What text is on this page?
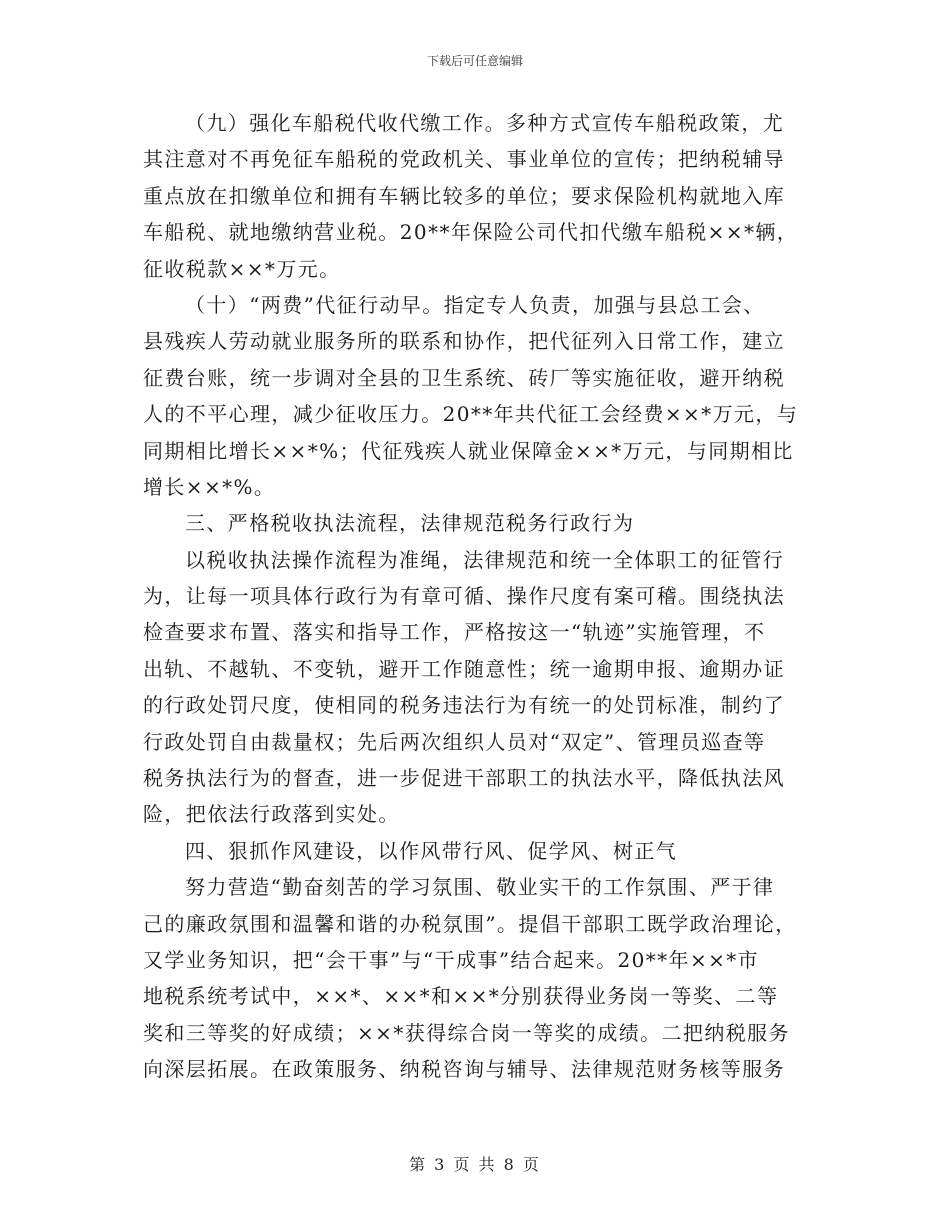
下载后可任意编辑
（九）强化车船税代收代缴工作。多种方式宣传车船税政策，尤
其注意对不再免征车船税的党政机关、事业单位的宣传；把纳税辅导
重点放在扣缴单位和拥有车辆比较多的单位；要求保险机构就地入库
车船税、就地缴纳营业税。20**年保险公司代扣代缴车船税××*辆，
征收税款××*万元。
（十）“两费”代征行动早。指定专人负责，加强与县总工会、
县残疾人劳动就业服务所的联系和协作，把代征列入日常工作，建立
征费台账，统一步调对全县的卫生系统、砖厂等实施征收，避开纳税
人的不平心理，减少征收压力。20**年共代征工会经费××*万元，与
同期相比增长××*%；代征残疾人就业保障金××*万元，与同期相比
增长××*%。
三、严格税收执法流程，法律规范税务行政行为
以税收执法操作流程为准绳，法律规范和统一全体职工的征管行
为，让每一项具体行政行为有章可循、操作尺度有案可稽。围绕执法
检查要求布置、落实和指导工作，严格按这一“轨迹”实施管理，不
出轨、不越轨、不变轨，避开工作随意性；统一逾期申报、逾期办证
的行政处罚尺度，使相同的税务违法行为有统一的处罚标准，制约了
行政处罚自由裁量权；先后两次组织人员对“双定”、管理员巡查等
税务执法行为的督查，进一步促进干部职工的执法水平，降低执法风
险，把依法行政落到实处。
四、狠抓作风建设，以作风带行风、促学风、树正气
努力营造“勤奋刻苦的学习氛围、敬业实干的工作氛围、严于律
己的廉政氛围和温馨和谐的办税氛围”。提倡干部职工既学政治理论，
又学业务知识，把“会干事”与“干成事”结合起来。20**年××*市
地税系统考试中，××*、××*和××*分别获得业务岗一等奖、二等
奖和三等奖的好成绩；××*获得综合岗一等奖的成绩。二把纳税服务
向深层拓展。在政策服务、纳税咨询与辅导、法律规范财务核等服务
第 3 页 共 8 页
